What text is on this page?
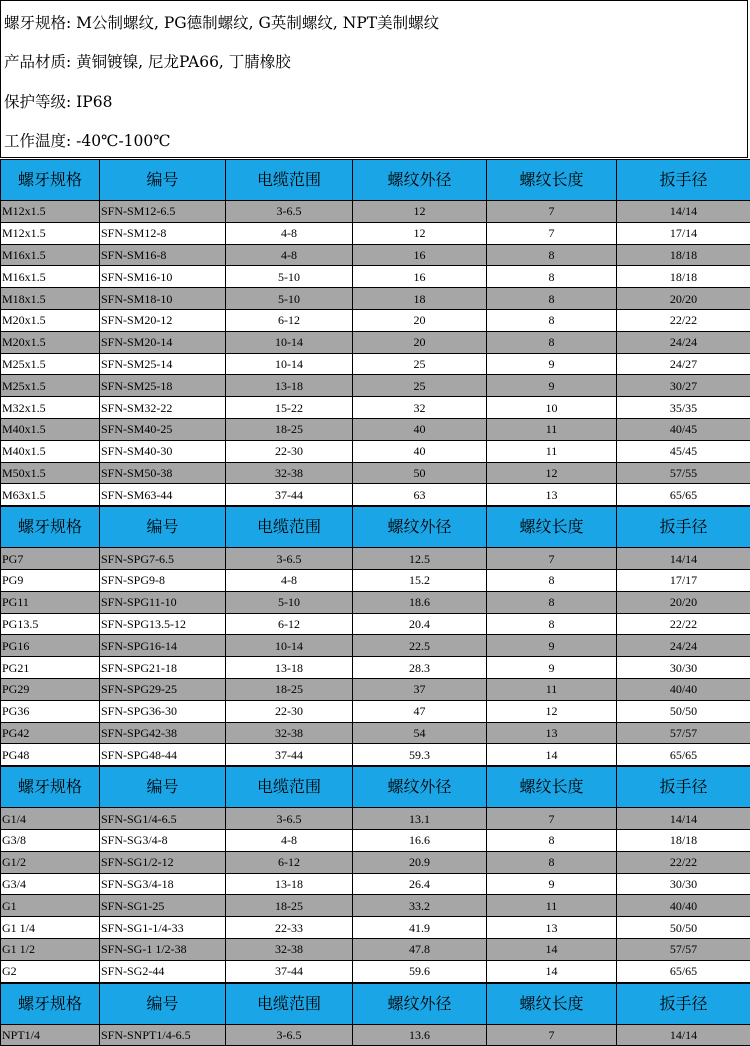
螺牙规格: M公制螺纹, PG德制螺纹, G英制螺纹, NPT美制螺纹
产品材质: 黄铜镀镍, 尼龙PA66, 丁腈橡胶
保护等级: IP68
工作温度: -40℃-100℃
螺牙规格	编号	电缆范围	螺纹外径	螺纹长度	扳手径
M12x1.5	SFN-SM12-6.5	3-6.5	12	7	14/14
M12x1.5	SFN-SM12-8	4-8	12	7	17/14
M16x1.5	SFN-SM16-8	4-8	16	8	18/18
M16x1.5	SFN-SM16-10	5-10	16	8	18/18
M18x1.5	SFN-SM18-10	5-10	18	8	20/20
M20x1.5	SFN-SM20-12	6-12	20	8	22/22
M20x1.5	SFN-SM20-14	10-14	20	8	24/24
M25x1.5	SFN-SM25-14	10-14	25	9	24/27
M25x1.5	SFN-SM25-18	13-18	25	9	30/27
M32x1.5	SFN-SM32-22	15-22	32	10	35/35
M40x1.5	SFN-SM40-25	18-25	40	11	40/45
M40x1.5	SFN-SM40-30	22-30	40	11	45/45
M50x1.5	SFN-SM50-38	32-38	50	12	57/55
M63x1.5	SFN-SM63-44	37-44	63	13	65/65
螺牙规格	编号	电缆范围	螺纹外径	螺纹长度	扳手径
PG7	SFN-SPG7-6.5	3-6.5	12.5	7	14/14
PG9	SFN-SPG9-8	4-8	15.2	8	17/17
PG11	SFN-SPG11-10	5-10	18.6	8	20/20
PG13.5	SFN-SPG13.5-12	6-12	20.4	8	22/22
PG16	SFN-SPG16-14	10-14	22.5	9	24/24
PG21	SFN-SPG21-18	13-18	28.3	9	30/30
PG29	SFN-SPG29-25	18-25	37	11	40/40
PG36	SFN-SPG36-30	22-30	47	12	50/50
PG42	SFN-SPG42-38	32-38	54	13	57/57
PG48	SFN-SPG48-44	37-44	59.3	14	65/65
螺牙规格	编号	电缆范围	螺纹外径	螺纹长度	扳手径
G1/4	SFN-SG1/4-6.5	3-6.5	13.1	7	14/14
G3/8	SFN-SG3/4-8	4-8	16.6	8	18/18
G1/2	SFN-SG1/2-12	6-12	20.9	8	22/22
G3/4	SFN-SG3/4-18	13-18	26.4	9	30/30
G1	SFN-SG1-25	18-25	33.2	11	40/40
G1 1/4	SFN-SG1-1/4-33	22-33	41.9	13	50/50
G1 1/2	SFN-SG-1 1/2-38	32-38	47.8	14	57/57
G2	SFN-SG2-44	37-44	59.6	14	65/65
螺牙规格	编号	电缆范围	螺纹外径	螺纹长度	扳手径
NPT1/4	SFN-SNPT1/4-6.5	3-6.5	13.6	7	14/14
